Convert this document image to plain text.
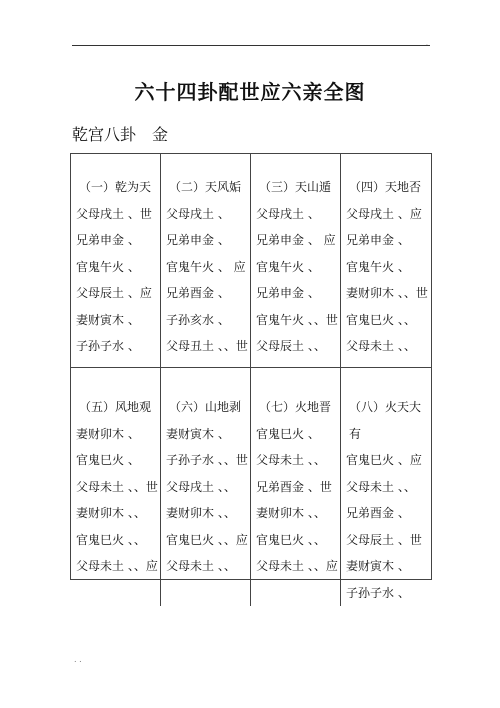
.
六十四卦配世应六亲全图
乾宫八卦　金
（一）乾为天
父母戌土 、世
兄弟申金 、
官鬼午火 、
父母辰土 、应
妻财寅木 、
子孙子水 、
（二）天风姤
父母戌土 、
兄弟申金 、
官鬼午火 、 应
兄弟酉金 、
子孙亥水 、
父母丑土 、、世
（三）天山遁
父母戌土 、
兄弟申金 、 应
官鬼午火 、
兄弟申金 、
官鬼午火 、、世
父母辰土 、、
（四）天地否
父母戌土 、应
兄弟申金 、
官鬼午火 、
妻财卯木 、、世
官鬼巳火 、、
父母未土 、、
（五）风地观
妻财卯木 、
官鬼巳火 、
父母未土 、、世
妻财卯木 、、
官鬼巳火 、、
父母未土 、、应
（六）山地剥
妻财寅木 、
子孙子水 、、世
父母戌土 、、
妻财卯木 、、
官鬼巳火 、、应
父母未土 、、
（七）火地晋
官鬼巳火 、
父母未土 、、
兄弟酉金 、世
妻财卯木 、、
官鬼巳火 、、
父母未土 、、应
（八）火天大有
官鬼巳火 、应
父母未土 、、
兄弟酉金 、
父母辰土 、世
妻财寅木 、
子孙子水 、
. .
